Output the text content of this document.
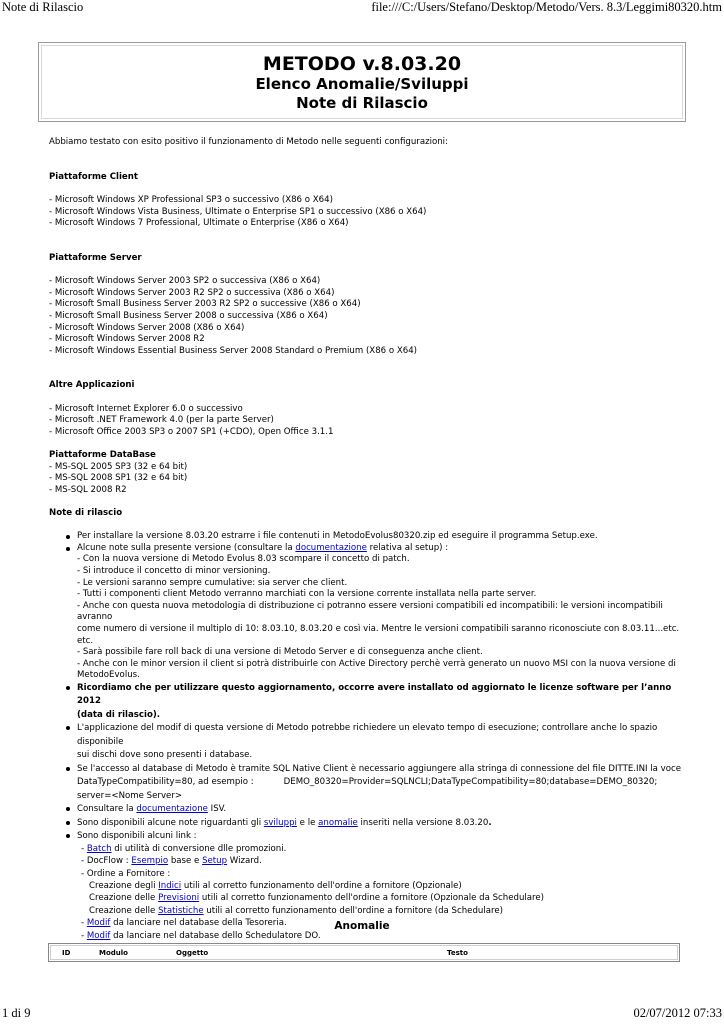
Note di Rilascio	file:///C:/Users/Stefano/Desktop/Metodo/Vers. 8.3/Leggimi80320.htm
METODO v.8.03.20
Elenco Anomalie/Sviluppi
Note di Rilascio

Abbiamo testato con esito positivo il funzionamento di Metodo nelle seguenti configurazioni:

Piattaforme Client

- Microsoft Windows XP Professional SP3 o successivo (X86 o X64)

- Microsoft Windows Vista Business, Ultimate o Enterprise SP1 o successivo (X86 o X64)

- Microsoft Windows 7 Professional, Ultimate o Enterprise (X86 o X64)

Piattaforme Server

- Microsoft Windows Server 2003 SP2 o successiva (X86 o X64)

- Microsoft Windows Server 2003 R2 SP2 o successiva (X86 o X64)

- Microsoft Small Business Server 2003 R2 SP2 o successive (X86 o X64)

- Microsoft Small Business Server 2008 o successiva (X86 o X64)

- Microsoft Windows Server 2008 (X86 o X64)

- Microsoft Windows Server 2008 R2

- Microsoft Windows Essential Business Server 2008 Standard o Premium (X86 o X64)

Altre Applicazioni

- Microsoft Internet Explorer 6.0 o successivo

- Microsoft .NET Framework 4.0 (per la parte Server)

- Microsoft Office 2003 SP3 o 2007 SP1 (+CDO), Open Office 3.1.1

Piattaforme DataBase

- MS-SQL 2005 SP3 (32 e 64 bit)

- MS-SQL 2008 SP1 (32 e 64 bit)

- MS-SQL 2008 R2

Note di rilascio

Per installare la versione 8.03.20 estrarre i file contenuti in MetodoEvolus80320.zip ed eseguire il programma Setup.exe.
Alcune note sulla presente versione (consultare la documentazione relativa al setup) :

- Con la nuova versione di Metodo Evolus 8.03 scompare il concetto di patch.

- Si introduce il concetto di minor versioning.

- Le versioni saranno sempre cumulative: sia server che client.

- Tutti i componenti client Metodo verranno marchiati con la versione corrente installata nella parte server.

- Anche con questa nuova metodologia di distribuzione ci potranno essere versioni compatibili ed incompatibili: le versioni incompatibili avranno

come numero di versione il multiplo di 10: 8.03.10, 8.03.20 e così via. Mentre le versioni compatibili saranno riconosciute con 8.03.11...etc. etc.

- Sarà possibile fare roll back di una versione di Metodo Server e di conseguenza anche client.

- Anche con le minor version il client si potrà distribuirle con Active Directory perchè verrà generato un nuovo MSI con la nuova versione di

MetodoEvolus.

Ricordiamo che per utilizzare questo aggiornamento, occorre avere installato od aggiornato le licenze software per l’anno 2012

(data di rilascio).

L'applicazione del modif di questa versione di Metodo potrebbe richiedere un elevato tempo di esecuzione; controllare anche lo spazio disponibile

sui dischi dove sono presenti i database.

Se l'accesso al database di Metodo è tramite SQL Native Client è necessario aggiungere alla stringa di connessione del file DITTE.INI la voce

DataTypeCompatibility=80, ad esempio :	DEMO_80320=Provider=SQLNCLI;DataTypeCompatibility=80;database=DEMO_80320;

server=<Nome Server>

Consultare la documentazione ISV.
Sono disponibili alcune note riguardanti gli sviluppi e le anomalie inseriti nella versione 8.03.20.

Sono disponibili alcuni link :

- Batch di utilità di conversione dlle promozioni.

- DocFlow : Esempio base e Setup Wizard.

- Ordine a Fornitore :

Creazione degli Indici utili al corretto funzionamento dell'ordine a fornitore (Opzionale)

Creazione delle Previsioni utili al corretto funzionamento dell'ordine a fornitore (Opzionale da Schedulare)

Creazione delle Statistiche utili al corretto funzionamento dell'ordine a fornitore (da Schedulare)

- Modif da lanciare nel database della Tesoreria.

- Modif da lanciare nel database dello Schedulatore DO.

Anomalie
ID	Modulo	Oggetto	Testo
1 di 9	02/07/2012 07:33
